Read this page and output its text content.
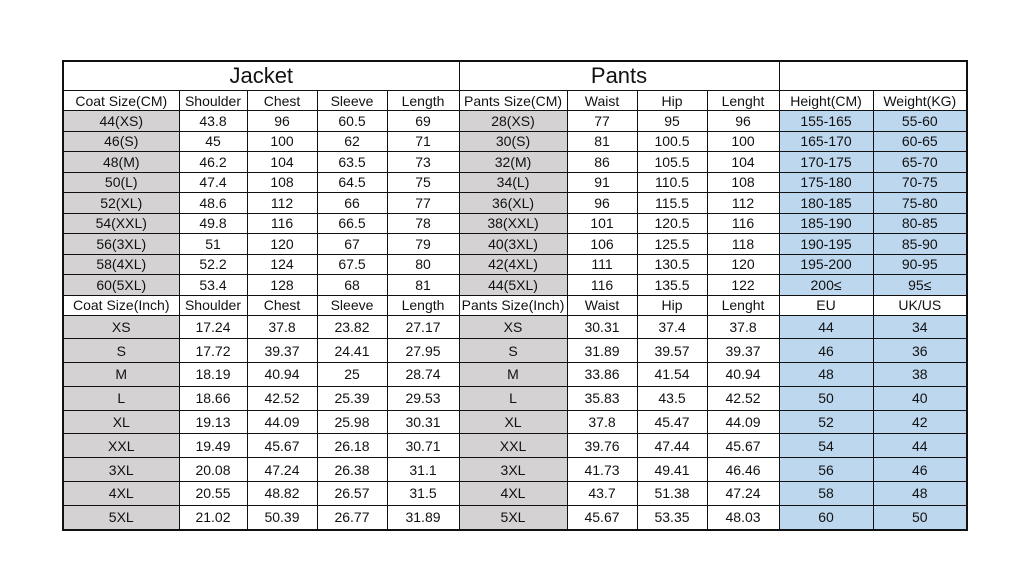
Jacket					Pants					
Coat Size(CM)	Shoulder	Chest	Sleeve	Length	Pants Size(CM)	Waist	Hip	Lenght	Height(CM)	Weight(KG)
44(XS)	43.8	96	60.5	69	28(XS)	77	95	96	155-165	55-60
46(S)	45	100	62	71	30(S)	81	100.5	100	165-170	60-65
48(M)	46.2	104	63.5	73	32(M)	86	105.5	104	170-175	65-70
50(L)	47.4	108	64.5	75	34(L)	91	110.5	108	175-180	70-75
52(XL)	48.6	112	66	77	36(XL)	96	115.5	112	180-185	75-80
54(XXL)	49.8	116	66.5	78	38(XXL)	101	120.5	116	185-190	80-85
56(3XL)	51	120	67	79	40(3XL)	106	125.5	118	190-195	85-90
58(4XL)	52.2	124	67.5	80	42(4XL)	111	130.5	120	195-200	90-95
60(5XL)	53.4	128	68	81	44(5XL)	116	135.5	122	200≤	95≤
Coat Size(Inch)	Shoulder	Chest	Sleeve	Length	Pants Size(Inch)	Waist	Hip	Lenght	EU	UK/US
XS	17.24	37.8	23.82	27.17	XS	30.31	37.4	37.8	44	34
S	17.72	39.37	24.41	27.95	S	31.89	39.57	39.37	46	36
M	18.19	40.94	25	28.74	M	33.86	41.54	40.94	48	38
L	18.66	42.52	25.39	29.53	L	35.83	43.5	42.52	50	40
XL	19.13	44.09	25.98	30.31	XL	37.8	45.47	44.09	52	42
XXL	19.49	45.67	26.18	30.71	XXL	39.76	47.44	45.67	54	44
3XL	20.08	47.24	26.38	31.1	3XL	41.73	49.41	46.46	56	46
4XL	20.55	48.82	26.57	31.5	4XL	43.7	51.38	47.24	58	48
5XL	21.02	50.39	26.77	31.89	5XL	45.67	53.35	48.03	60	50
